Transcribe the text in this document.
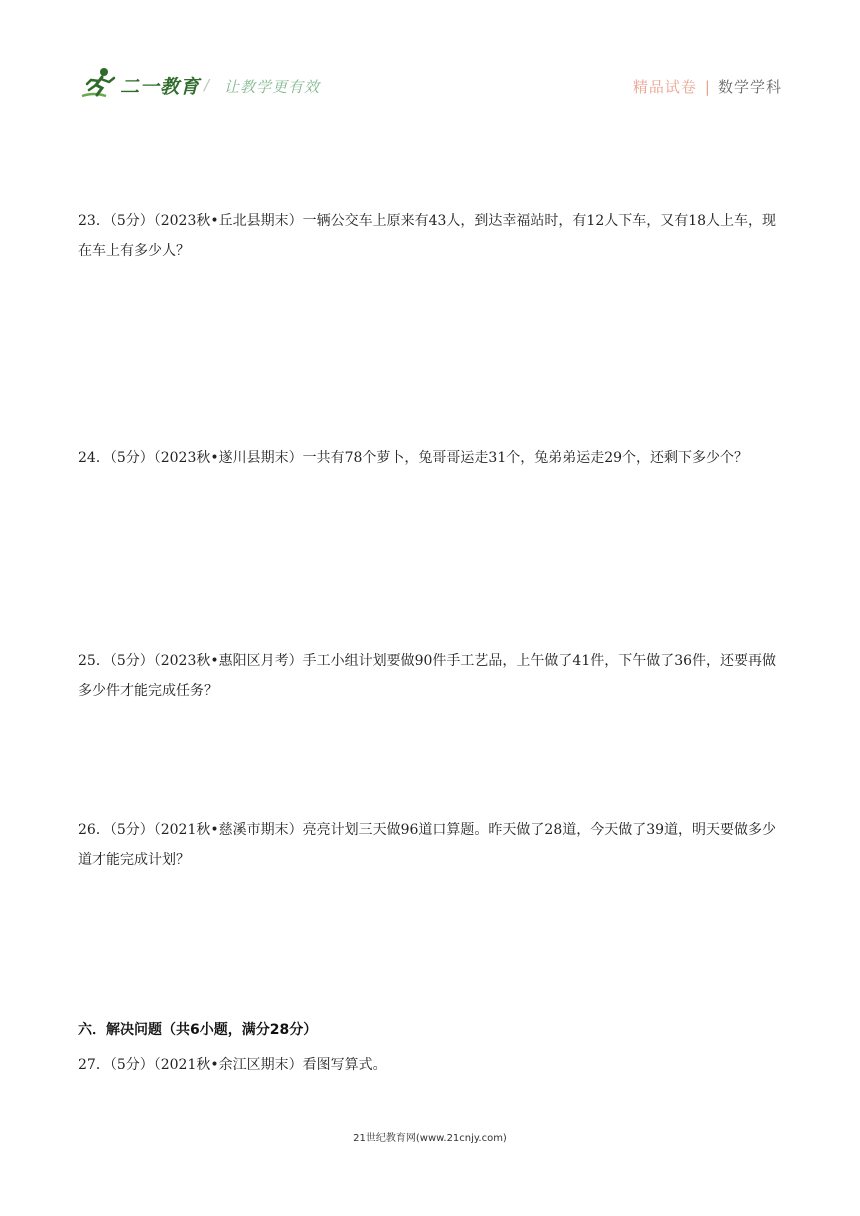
二一教育 / 让教学更有效	精品试卷 | 数学学科
23．（5分）（2023秋•丘北县期末）一辆公交车上原来有43人，到达幸福站时，有12人下车，又有18人上车，现在车上有多少人？
24．（5分）（2023秋•遂川县期末）一共有78个萝卜，兔哥哥运走31个，兔弟弟运走29个，还剩下多少个？
25．（5分）（2023秋•惠阳区月考）手工小组计划要做90件手工艺品，上午做了41件，下午做了36件，还要再做多少件才能完成任务？
26．（5分）（2021秋•慈溪市期末）亮亮计划三天做96道口算题。昨天做了28道，今天做了39道，明天要做多少道才能完成计划？
六．解决问题（共6小题，满分28分）
27．（5分）（2021秋•余江区期末）看图写算式。
21世纪教育网(www.21cnjy.com)
